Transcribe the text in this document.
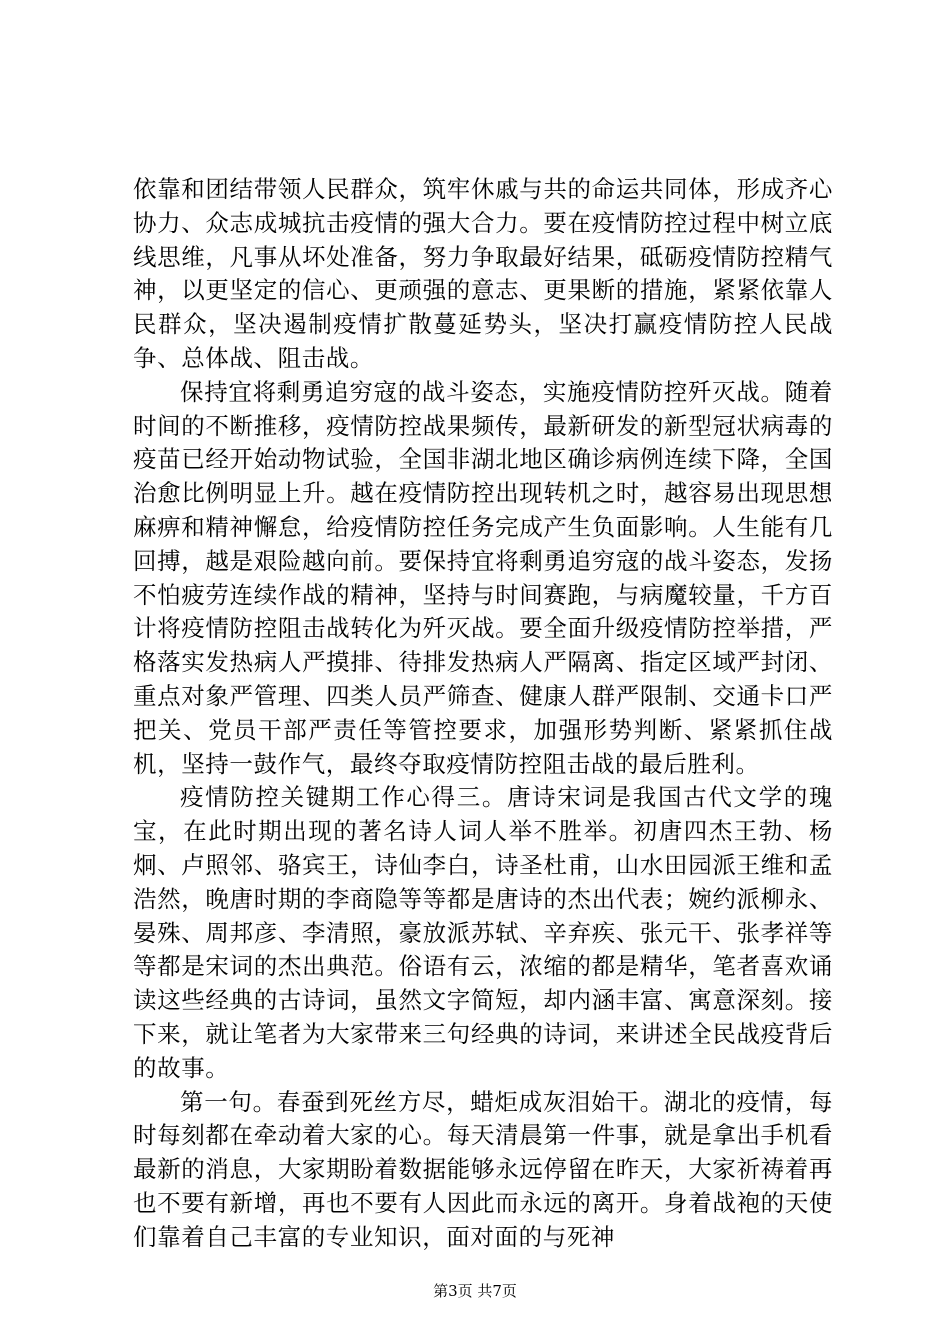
依靠和团结带领人民群众，筑牢休戚与共的命运共同体，形成齐心协力、众志成城抗击疫情的强大合力。要在疫情防控过程中树立底线思维，凡事从坏处准备，努力争取最好结果，砥砺疫情防控精气神，以更坚定的信心、更顽强的意志、更果断的措施，紧紧依靠人民群众，坚决遏制疫情扩散蔓延势头，坚决打赢疫情防控人民战争、总体战、阻击战。

保持宜将剩勇追穷寇的战斗姿态，实施疫情防控歼灭战。随着时间的不断推移，疫情防控战果频传，最新研发的新型冠状病毒的疫苗已经开始动物试验，全国非湖北地区确诊病例连续下降，全国治愈比例明显上升。越在疫情防控出现转机之时，越容易出现思想麻痹和精神懈怠，给疫情防控任务完成产生负面影响。人生能有几回搏，越是艰险越向前。要保持宜将剩勇追穷寇的战斗姿态，发扬不怕疲劳连续作战的精神，坚持与时间赛跑，与病魔较量，千方百计将疫情防控阻击战转化为歼灭战。要全面升级疫情防控举措，严格落实发热病人严摸排、待排发热病人严隔离、指定区域严封闭、重点对象严管理、四类人员严筛查、健康人群严限制、交通卡口严把关、党员干部严责任等管控要求，加强形势判断、紧紧抓住战机，坚持一鼓作气，最终夺取疫情防控阻击战的最后胜利。

疫情防控关键期工作心得三。唐诗宋词是我国古代文学的瑰宝，在此时期出现的著名诗人词人举不胜举。初唐四杰王勃、杨炯、卢照邻、骆宾王，诗仙李白，诗圣杜甫，山水田园派王维和孟浩然，晚唐时期的李商隐等等都是唐诗的杰出代表；婉约派柳永、晏殊、周邦彦、李清照，豪放派苏轼、辛弃疾、张元干、张孝祥等等都是宋词的杰出典范。俗语有云，浓缩的都是精华，笔者喜欢诵读这些经典的古诗词，虽然文字简短，却内涵丰富、寓意深刻。接下来，就让笔者为大家带来三句经典的诗词，来讲述全民战疫背后的故事。

第一句。春蚕到死丝方尽，蜡炬成灰泪始干。湖北的疫情，每时每刻都在牵动着大家的心。每天清晨第一件事，就是拿出手机看最新的消息，大家期盼着数据能够永远停留在昨天，大家祈祷着再也不要有新增，再也不要有人因此而永远的离开。身着战袍的天使们靠着自己丰富的专业知识，面对面的与死神

第3页 共7页
